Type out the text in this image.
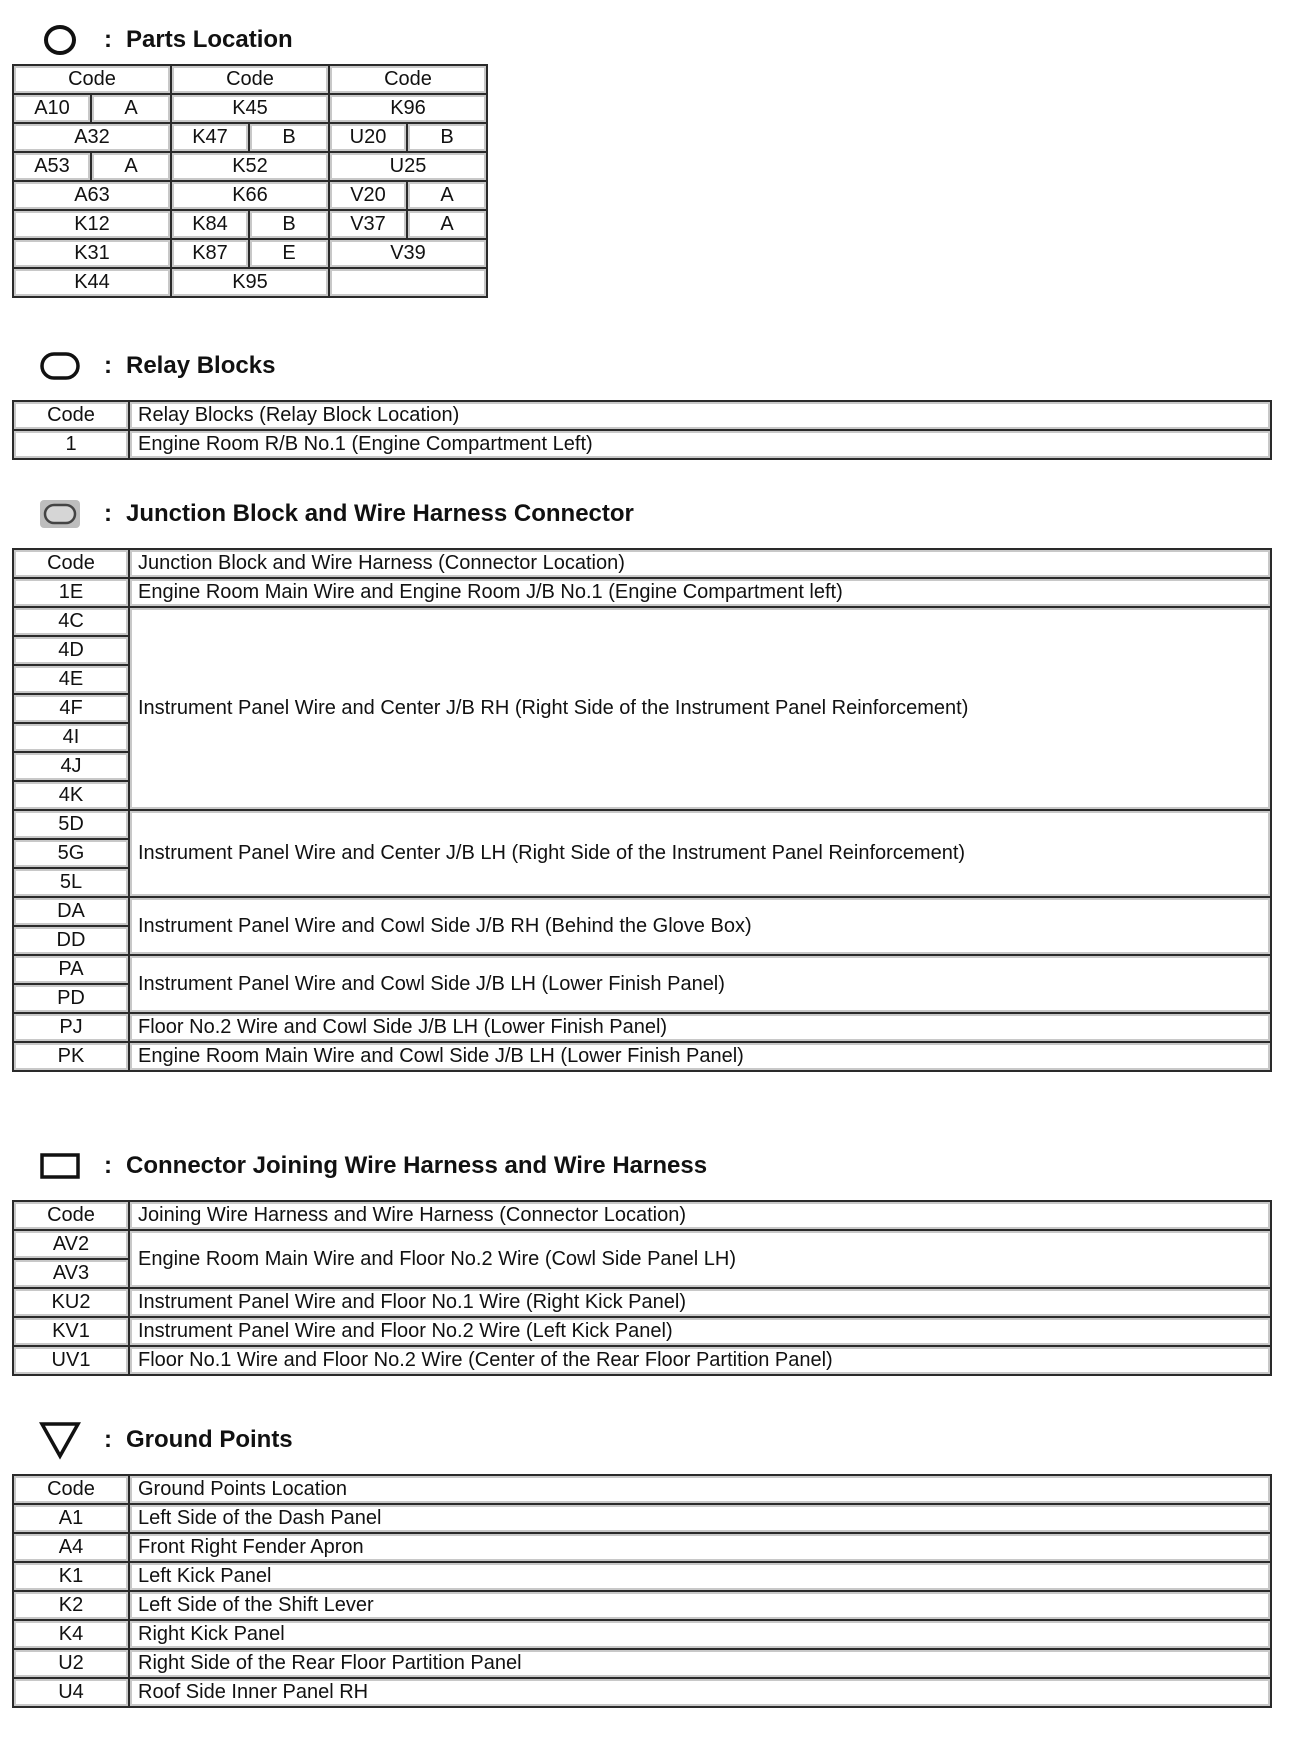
: Parts Location
Code		Code		Code	
A10	A	K45		K96	
A32		K47	B	U20	B
A53	A	K52		U25	
A63		K66		V20	A
K12		K84	B	V37	A
K31		K87	E	V39	
K44		K95			
: Relay Blocks
Code	Relay Blocks (Relay Block Location)
1	Engine Room R/B No.1 (Engine Compartment Left)
: Junction Block and Wire Harness Connector
Code	Junction Block and Wire Harness (Connector Location)
1E	Engine Room Main Wire and Engine Room J/B No.1 (Engine Compartment left)
4C	Instrument Panel Wire and Center J/B RH (Right Side of the Instrument Panel Reinforcement)
4D	
4E	
4F	
4I	
4J	
4K	
5D	Instrument Panel Wire and Center J/B LH (Right Side of the Instrument Panel Reinforcement)
5G	
5L	
DA	Instrument Panel Wire and Cowl Side J/B RH (Behind the Glove Box)
DD	
PA	Instrument Panel Wire and Cowl Side J/B LH (Lower Finish Panel)
PD	
PJ	Floor No.2 Wire and Cowl Side J/B LH (Lower Finish Panel)
PK	Engine Room Main Wire and Cowl Side J/B LH (Lower Finish Panel)
: Connector Joining Wire Harness and Wire Harness
Code	Joining Wire Harness and Wire Harness (Connector Location)
AV2	Engine Room Main Wire and Floor No.2 Wire (Cowl Side Panel LH)
AV3	
KU2	Instrument Panel Wire and Floor No.1 Wire (Right Kick Panel)
KV1	Instrument Panel Wire and Floor No.2 Wire (Left Kick Panel)
UV1	Floor No.1 Wire and Floor No.2 Wire (Center of the Rear Floor Partition Panel)
: Ground Points
Code	Ground Points Location
A1	Left Side of the Dash Panel
A4	Front Right Fender Apron
K1	Left Kick Panel
K2	Left Side of the Shift Lever
K4	Right Kick Panel
U2	Right Side of the Rear Floor Partition Panel
U4	Roof Side Inner Panel RH
